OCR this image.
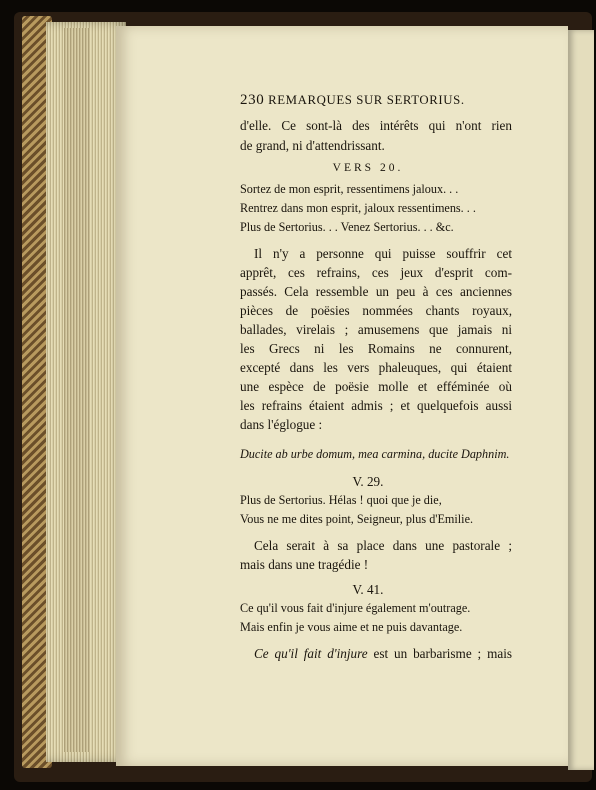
230 REMARQUES SUR SERTORIUS.
d'elle. Ce sont-là des intérêts qui n'ont rien
de grand, ni d'attendrissant.
VERS 20.
Sortez de mon esprit, ressentimens jaloux. . .
Rentrez dans mon esprit, jaloux ressentimens. . .
Plus de Sertorius. . . Venez Sertorius. . . &c.
Il n'y a personne qui puisse souffrir cet
apprêt, ces refrains, ces jeux d'esprit com-
passés. Cela ressemble un peu à ces anciennes
pièces de poësies nommées chants royaux,
ballades, virelais ; amusemens que jamais ni
les Grecs ni les Romains ne connurent,
excepté dans les vers phaleuques, qui étaient
une espèce de poësie molle et efféminée où
les refrains étaient admis ; et quelquefois aussi
dans l'églogue :
Ducite ab urbe domum, mea carmina, ducite Daphnim.
V. 29.
Plus de Sertorius. Hélas ! quoi que je die,
Vous ne me dites point, Seigneur, plus d'Emilie.
Cela serait à sa place dans une pastorale ;
mais dans une tragédie !
V. 41.
Ce qu'il vous fait d'injure également m'outrage.
Mais enfin je vous aime et ne puis davantage.
Ce qu'il fait d'injure est un barbarisme ; mais
